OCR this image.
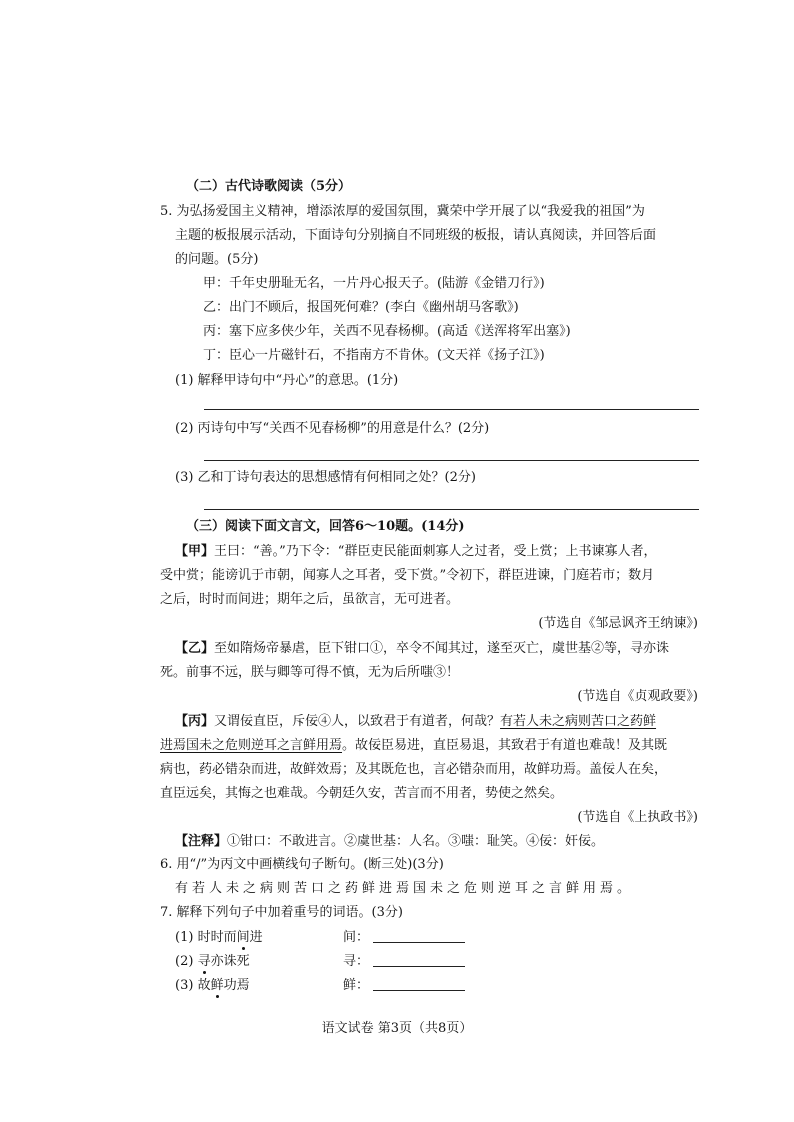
（二）古代诗歌阅读（5分）
5. 为弘扬爱国主义精神，增添浓厚的爱国氛围，冀荣中学开展了以“我爱我的祖国”为
主题的板报展示活动，下面诗句分别摘自不同班级的板报，请认真阅读，并回答后面
的问题。(5分)
甲：千年史册耻无名，一片丹心报天子。(陆游《金错刀行》)
乙：出门不顾后，报国死何难？(李白《幽州胡马客歌》)
丙：塞下应多侠少年，关西不见春杨柳。(高适《送浑将军出塞》)
丁：臣心一片磁针石，不指南方不肯休。(文天祥《扬子江》)
(1) 解释甲诗句中“丹心”的意思。(1分)
(2) 丙诗句中写“关西不见春杨柳”的用意是什么？(2分)
(3) 乙和丁诗句表达的思想感情有何相同之处？(2分)
（三）阅读下面文言文，回答6～10题。(14分)
【甲】王曰：“善。”乃下令：“群臣吏民能面刺寡人之过者，受上赏；上书谏寡人者，
受中赏；能谤讥于市朝，闻寡人之耳者，受下赏。”令初下，群臣进谏，门庭若市；数月
之后，时时而间进；期年之后，虽欲言，无可进者。
(节选自《邹忌讽齐王纳谏》)
【乙】至如隋炀帝暴虐，臣下钳口①，卒令不闻其过，遂至灭亡，虞世基②等，寻亦诛
死。前事不远，朕与卿等可得不慎，无为后所嗤③！
(节选自《贞观政要》)
【丙】又谓佞直臣，斥佞④人，以致君于有道者，何哉？有若人未之病则苦口之药鲜
进焉国未之危则逆耳之言鲜用焉。故佞臣易进，直臣易退，其致君于有道也难哉！及其既
病也，药必错杂而进，故鲜效焉；及其既危也，言必错杂而用，故鲜功焉。盖佞人在矣，
直臣远矣，其悔之也难哉。今朝廷久安，苦言而不用者，势使之然矣。
(节选自《上执政书》)
【注释】①钳口：不敢进言。②虞世基：人名。③嗤：耻笑。④佞：奸佞。
6. 用“/”为丙文中画横线句子断句。(断三处)(3分)
有若人未之病则苦口之药鲜进焉国未之危则逆耳之言鲜用焉。
7. 解释下列句子中加着重号的词语。(3分)
(1) 时时而间进	间：
(2) 寻亦诛死	寻：
(3) 故鲜功焉	鲜：
语文试卷 第3页（共8页）
